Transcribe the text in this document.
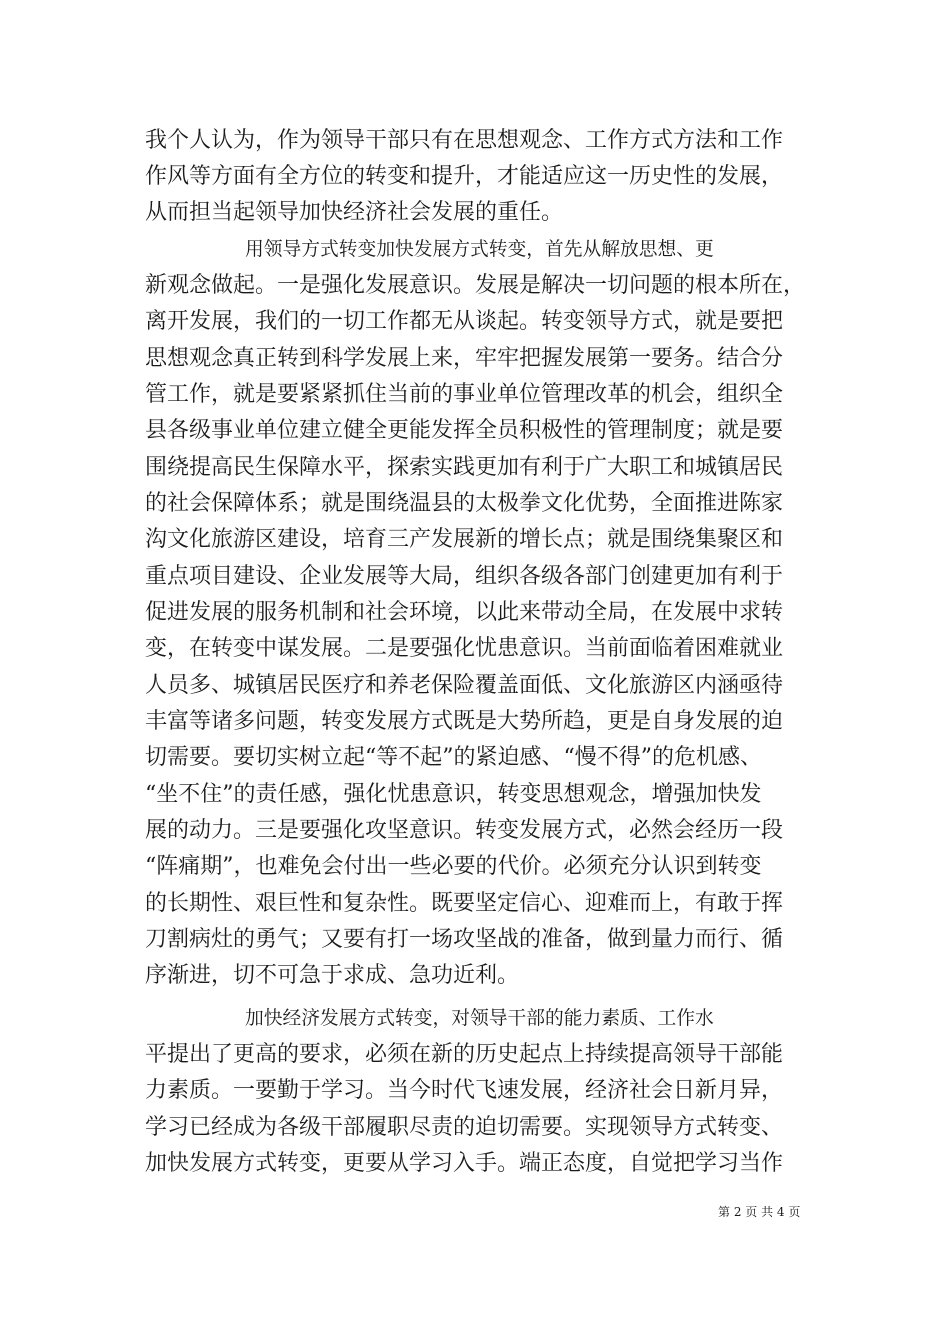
我个人认为，作为领导干部只有在思想观念、工作方式方法和工作
作风等方面有全方位的转变和提升，才能适应这一历史性的发展，
从而担当起领导加快经济社会发展的重任。
用领导方式转变加快发展方式转变，首先从解放思想、更
新观念做起。一是强化发展意识。发展是解决一切问题的根本所在，
离开发展，我们的一切工作都无从谈起。转变领导方式，就是要把
思想观念真正转到科学发展上来，牢牢把握发展第一要务。结合分
管工作，就是要紧紧抓住当前的事业单位管理改革的机会，组织全
县各级事业单位建立健全更能发挥全员积极性的管理制度；就是要
围绕提高民生保障水平，探索实践更加有利于广大职工和城镇居民
的社会保障体系；就是围绕温县的太极拳文化优势，全面推进陈家
沟文化旅游区建设，培育三产发展新的增长点；就是围绕集聚区和
重点项目建设、企业发展等大局，组织各级各部门创建更加有利于
促进发展的服务机制和社会环境，以此来带动全局，在发展中求转
变，在转变中谋发展。二是要强化忧患意识。当前面临着困难就业
人员多、城镇居民医疗和养老保险覆盖面低、文化旅游区内涵亟待
丰富等诸多问题，转变发展方式既是大势所趋，更是自身发展的迫
切需要。要切实树立起“等不起”的紧迫感、“慢不得”的危机感、
“坐不住”的责任感，强化忧患意识，转变思想观念，增强加快发
展的动力。三是要强化攻坚意识。转变发展方式，必然会经历一段
“阵痛期”，也难免会付出一些必要的代价。必须充分认识到转变
的长期性、艰巨性和复杂性。既要坚定信心、迎难而上，有敢于挥
刀割病灶的勇气；又要有打一场攻坚战的准备，做到量力而行、循
序渐进，切不可急于求成、急功近利。
加快经济发展方式转变，对领导干部的能力素质、工作水
平提出了更高的要求，必须在新的历史起点上持续提高领导干部能
力素质。一要勤于学习。当今时代飞速发展，经济社会日新月异，
学习已经成为各级干部履职尽责的迫切需要。实现领导方式转变、
加快发展方式转变，更要从学习入手。端正态度，自觉把学习当作
第 2 页 共 4 页
